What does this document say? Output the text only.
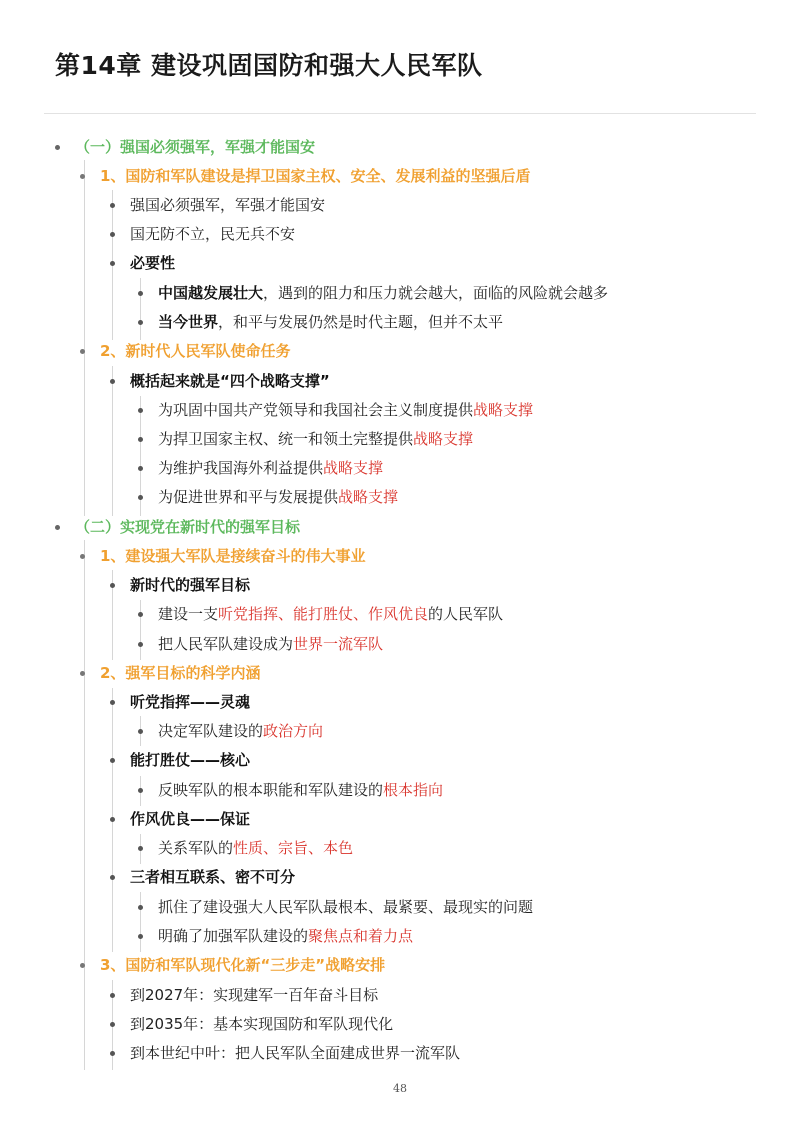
第14章 建设巩固国防和强大人民军队
（一）强国必须强军，军强才能国安
1、国防和军队建设是捍卫国家主权、安全、发展利益的坚强后盾
强国必须强军，军强才能国安
国无防不立，民无兵不安
必要性
中国越发展壮大，遇到的阻力和压力就会越大，面临的风险就会越多
当今世界，和平与发展仍然是时代主题，但并不太平
2、新时代人民军队使命任务
概括起来就是“四个战略支撑”
为巩固中国共产党领导和我国社会主义制度提供战略支撑
为捍卫国家主权、统一和领土完整提供战略支撑
为维护我国海外利益提供战略支撑
为促进世界和平与发展提供战略支撑
（二）实现党在新时代的强军目标
1、建设强大军队是接续奋斗的伟大事业
新时代的强军目标
建设一支听党指挥、能打胜仗、作风优良的人民军队
把人民军队建设成为世界一流军队
2、强军目标的科学内涵
听党指挥——灵魂
决定军队建设的政治方向
能打胜仗——核心
反映军队的根本职能和军队建设的根本指向
作风优良——保证
关系军队的性质、宗旨、本色
三者相互联系、密不可分
抓住了建设强大人民军队最根本、最紧要、最现实的问题
明确了加强军队建设的聚焦点和着力点
3、国防和军队现代化新“三步走”战略安排
到2027年：实现建军一百年奋斗目标
到2035年：基本实现国防和军队现代化
到本世纪中叶：把人民军队全面建成世界一流军队
48
